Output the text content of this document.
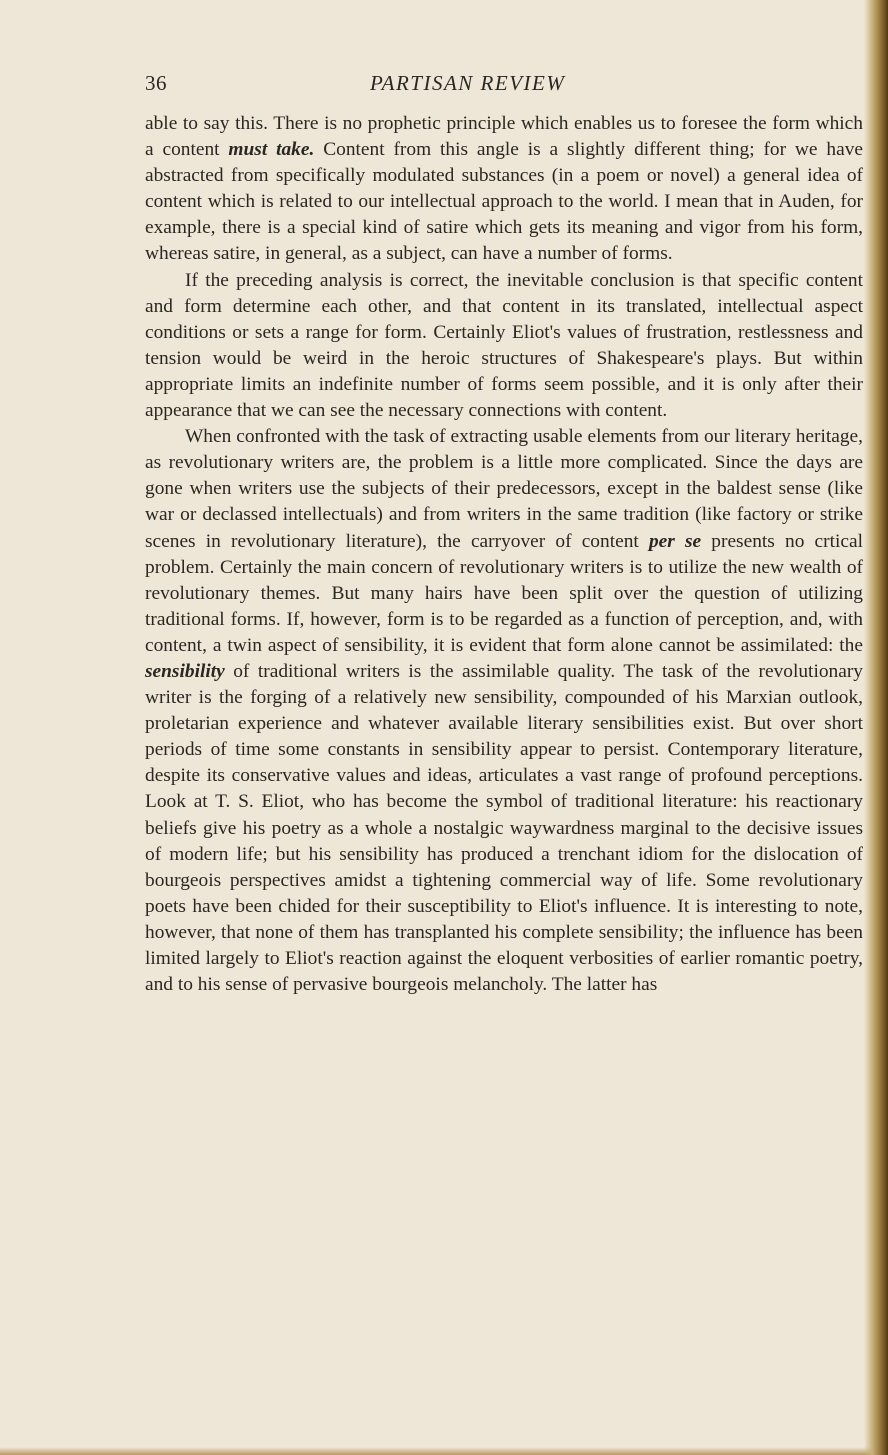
36	PARTISAN REVIEW

able to say this. There is no prophetic principle which enables us to foresee the form which a content must take. Content from this angle is a slightly different thing; for we have abstracted from specifically modulated substances (in a poem or novel) a general idea of content which is related to our intellectual approach to the world. I mean that in Auden, for example, there is a special kind of satire which gets its meaning and vigor from his form, whereas satire, in general, as a subject, can have a number of forms.

If the preceding analysis is correct, the inevitable conclusion is that specific content and form determine each other, and that content in its translated, intellectual aspect conditions or sets a range for form. Certainly Eliot's values of frustration, restlessness and tension would be weird in the heroic structures of Shakespeare's plays. But within appropriate limits an indefinite number of forms seem possible, and it is only after their appearance that we can see the necessary connections with content.

When confronted with the task of extracting usable elements from our literary heritage, as revolutionary writers are, the problem is a little more complicated. Since the days are gone when writers use the subjects of their predecessors, except in the baldest sense (like war or declassed intellectuals) and from writers in the same tradition (like factory or strike scenes in revolutionary literature), the carryover of content per se presents no crtical problem. Certainly the main concern of revolutionary writers is to utilize the new wealth of revolutionary themes. But many hairs have been split over the question of utilizing traditional forms. If, however, form is to be regarded as a function of perception, and, with content, a twin aspect of sensibility, it is evident that form alone cannot be assimilated: the sensibility of traditional writers is the assimilable quality. The task of the revolutionary writer is the forging of a relatively new sensibility, compounded of his Marxian outlook, proletarian experience and whatever available literary sensibilities exist. But over short periods of time some constants in sensibility appear to persist. Contemporary literature, despite its conservative values and ideas, articulates a vast range of profound perceptions. Look at T. S. Eliot, who has become the symbol of traditional literature: his reactionary beliefs give his poetry as a whole a nostalgic waywardness marginal to the decisive issues of modern life; but his sensibility has produced a trenchant idiom for the dislocation of bourgeois perspectives amidst a tightening commercial way of life. Some revolutionary poets have been chided for their susceptibility to Eliot's influence. It is interesting to note, however, that none of them has transplanted his complete sensibility; the influence has been limited largely to Eliot's reaction against the eloquent verbosities of earlier romantic poetry, and to his sense of pervasive bourgeois melancholy. The latter has
